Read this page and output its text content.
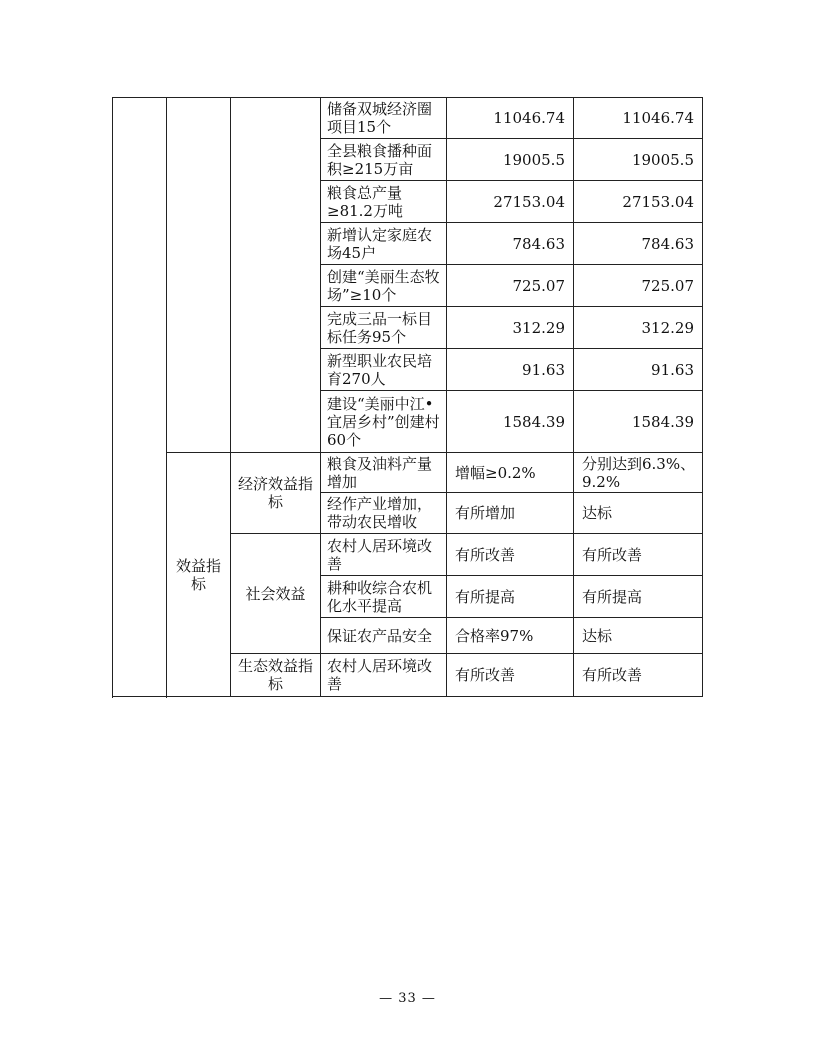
			储备双城经济圈项目15个	11046.74	11046.74
			全县粮食播种面积≥215万亩	19005.5	19005.5
			粮食总产量≥81.2万吨	27153.04	27153.04
			新增认定家庭农场45户	784.63	784.63
			创建“美丽生态牧场”≥10个	725.07	725.07
			完成三品一标目标任务95个	312.29	312.29
			新型职业农民培育270人	91.63	91.63
			建设“美丽中江•宜居乡村”创建村60个	1584.39	1584.39
	效益指标	经济效益指标	粮食及油料产量增加	增幅≥0.2%	分别达到6.3%、9.2%
			经作产业增加，带动农民增收	有所增加	达标
		社会效益	农村人居环境改善	有所改善	有所改善
			耕种收综合农机化水平提高	有所提高	有所提高
			保证农产品安全	合格率97%	达标
		生态效益指标	农村人居环境改善	有所改善	有所改善

— 33 —
